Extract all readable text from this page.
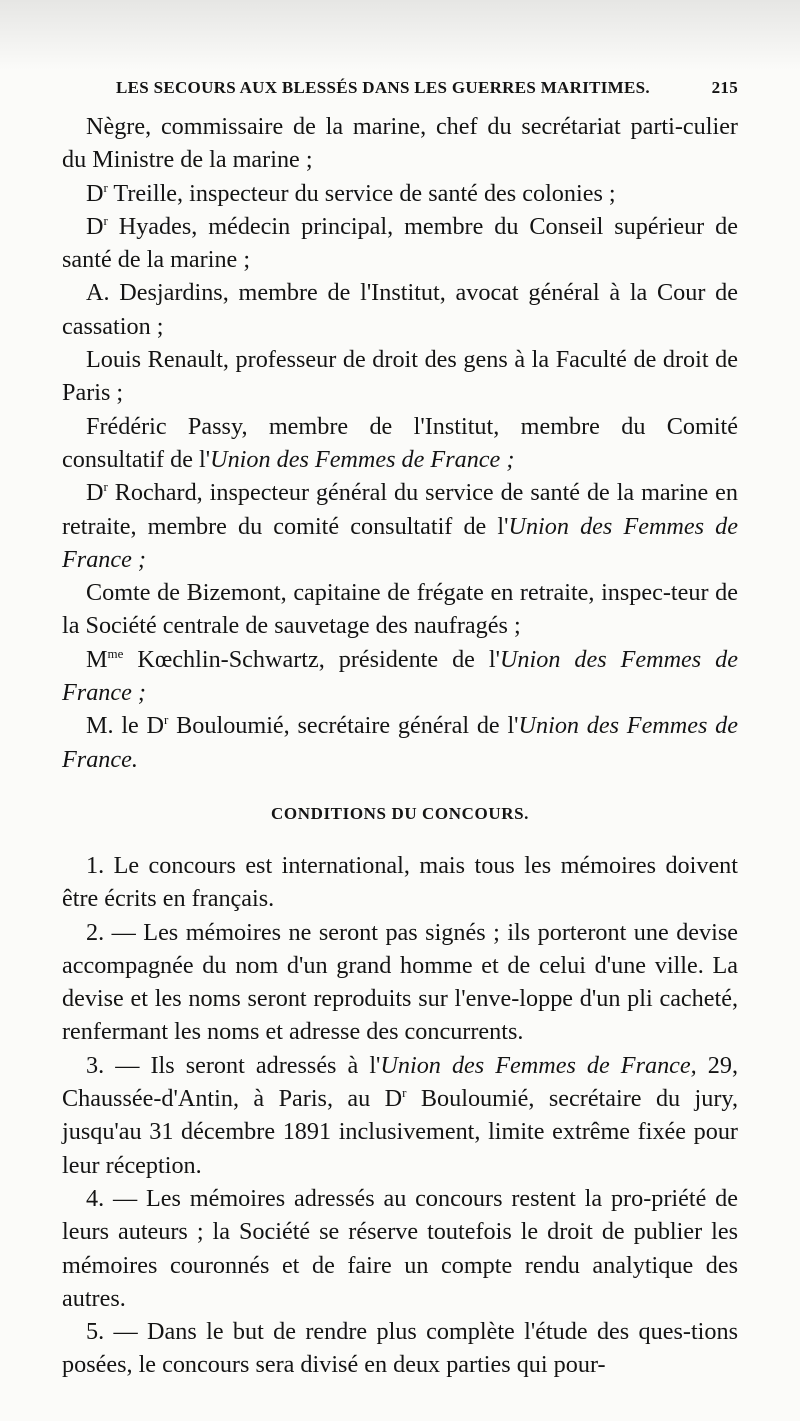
LES SECOURS AUX BLESSÉS DANS LES GUERRES MARITIMES.	215

Nègre, commissaire de la marine, chef du secrétariat parti-culier du Ministre de la marine ;

$D^r$ Treille, inspecteur du service de santé des colonies ;

$D^r$ Hyades, médecin principal, membre du Conseil supérieur de santé de la marine ;

A. Desjardins, membre de l'Institut, avocat général à la Cour de cassation ;

Louis Renault, professeur de droit des gens à la Faculté de droit de Paris ;

Frédéric Passy, membre de l'Institut, membre du Comité consultatif de l'Union des Femmes de France ;

$D^r$ Rochard, inspecteur général du service de santé de la marine en retraite, membre du comité consultatif de l'Union des Femmes de France ;

Comte de Bizemont, capitaine de frégate en retraite, inspec-teur de la Société centrale de sauvetage des naufragés ;

$M^{me}$ Kœchlin-Schwartz, présidente de l'Union des Femmes de France ;

M. le $D^r$ Bouloumié, secrétaire général de l'Union des Femmes de France.

CONDITIONS DU CONCOURS.

1. Le concours est international, mais tous les mémoires doivent être écrits en français.

2. — Les mémoires ne seront pas signés ; ils porteront une devise accompagnée du nom d'un grand homme et de celui d'une ville. La devise et les noms seront reproduits sur l'enve-loppe d'un pli cacheté, renfermant les noms et adresse des concurrents.

3. — Ils seront adressés à l'Union des Femmes de France, 29, Chaussée-d'Antin, à Paris, au $D^r$ Bouloumié, secrétaire du jury, jusqu'au 31 décembre 1891 inclusivement, limite extrême fixée pour leur réception.

4. — Les mémoires adressés au concours restent la pro-priété de leurs auteurs ; la Société se réserve toutefois le droit de publier les mémoires couronnés et de faire un compte rendu analytique des autres.

5. — Dans le but de rendre plus complète l'étude des ques-tions posées, le concours sera divisé en deux parties qui pour-
